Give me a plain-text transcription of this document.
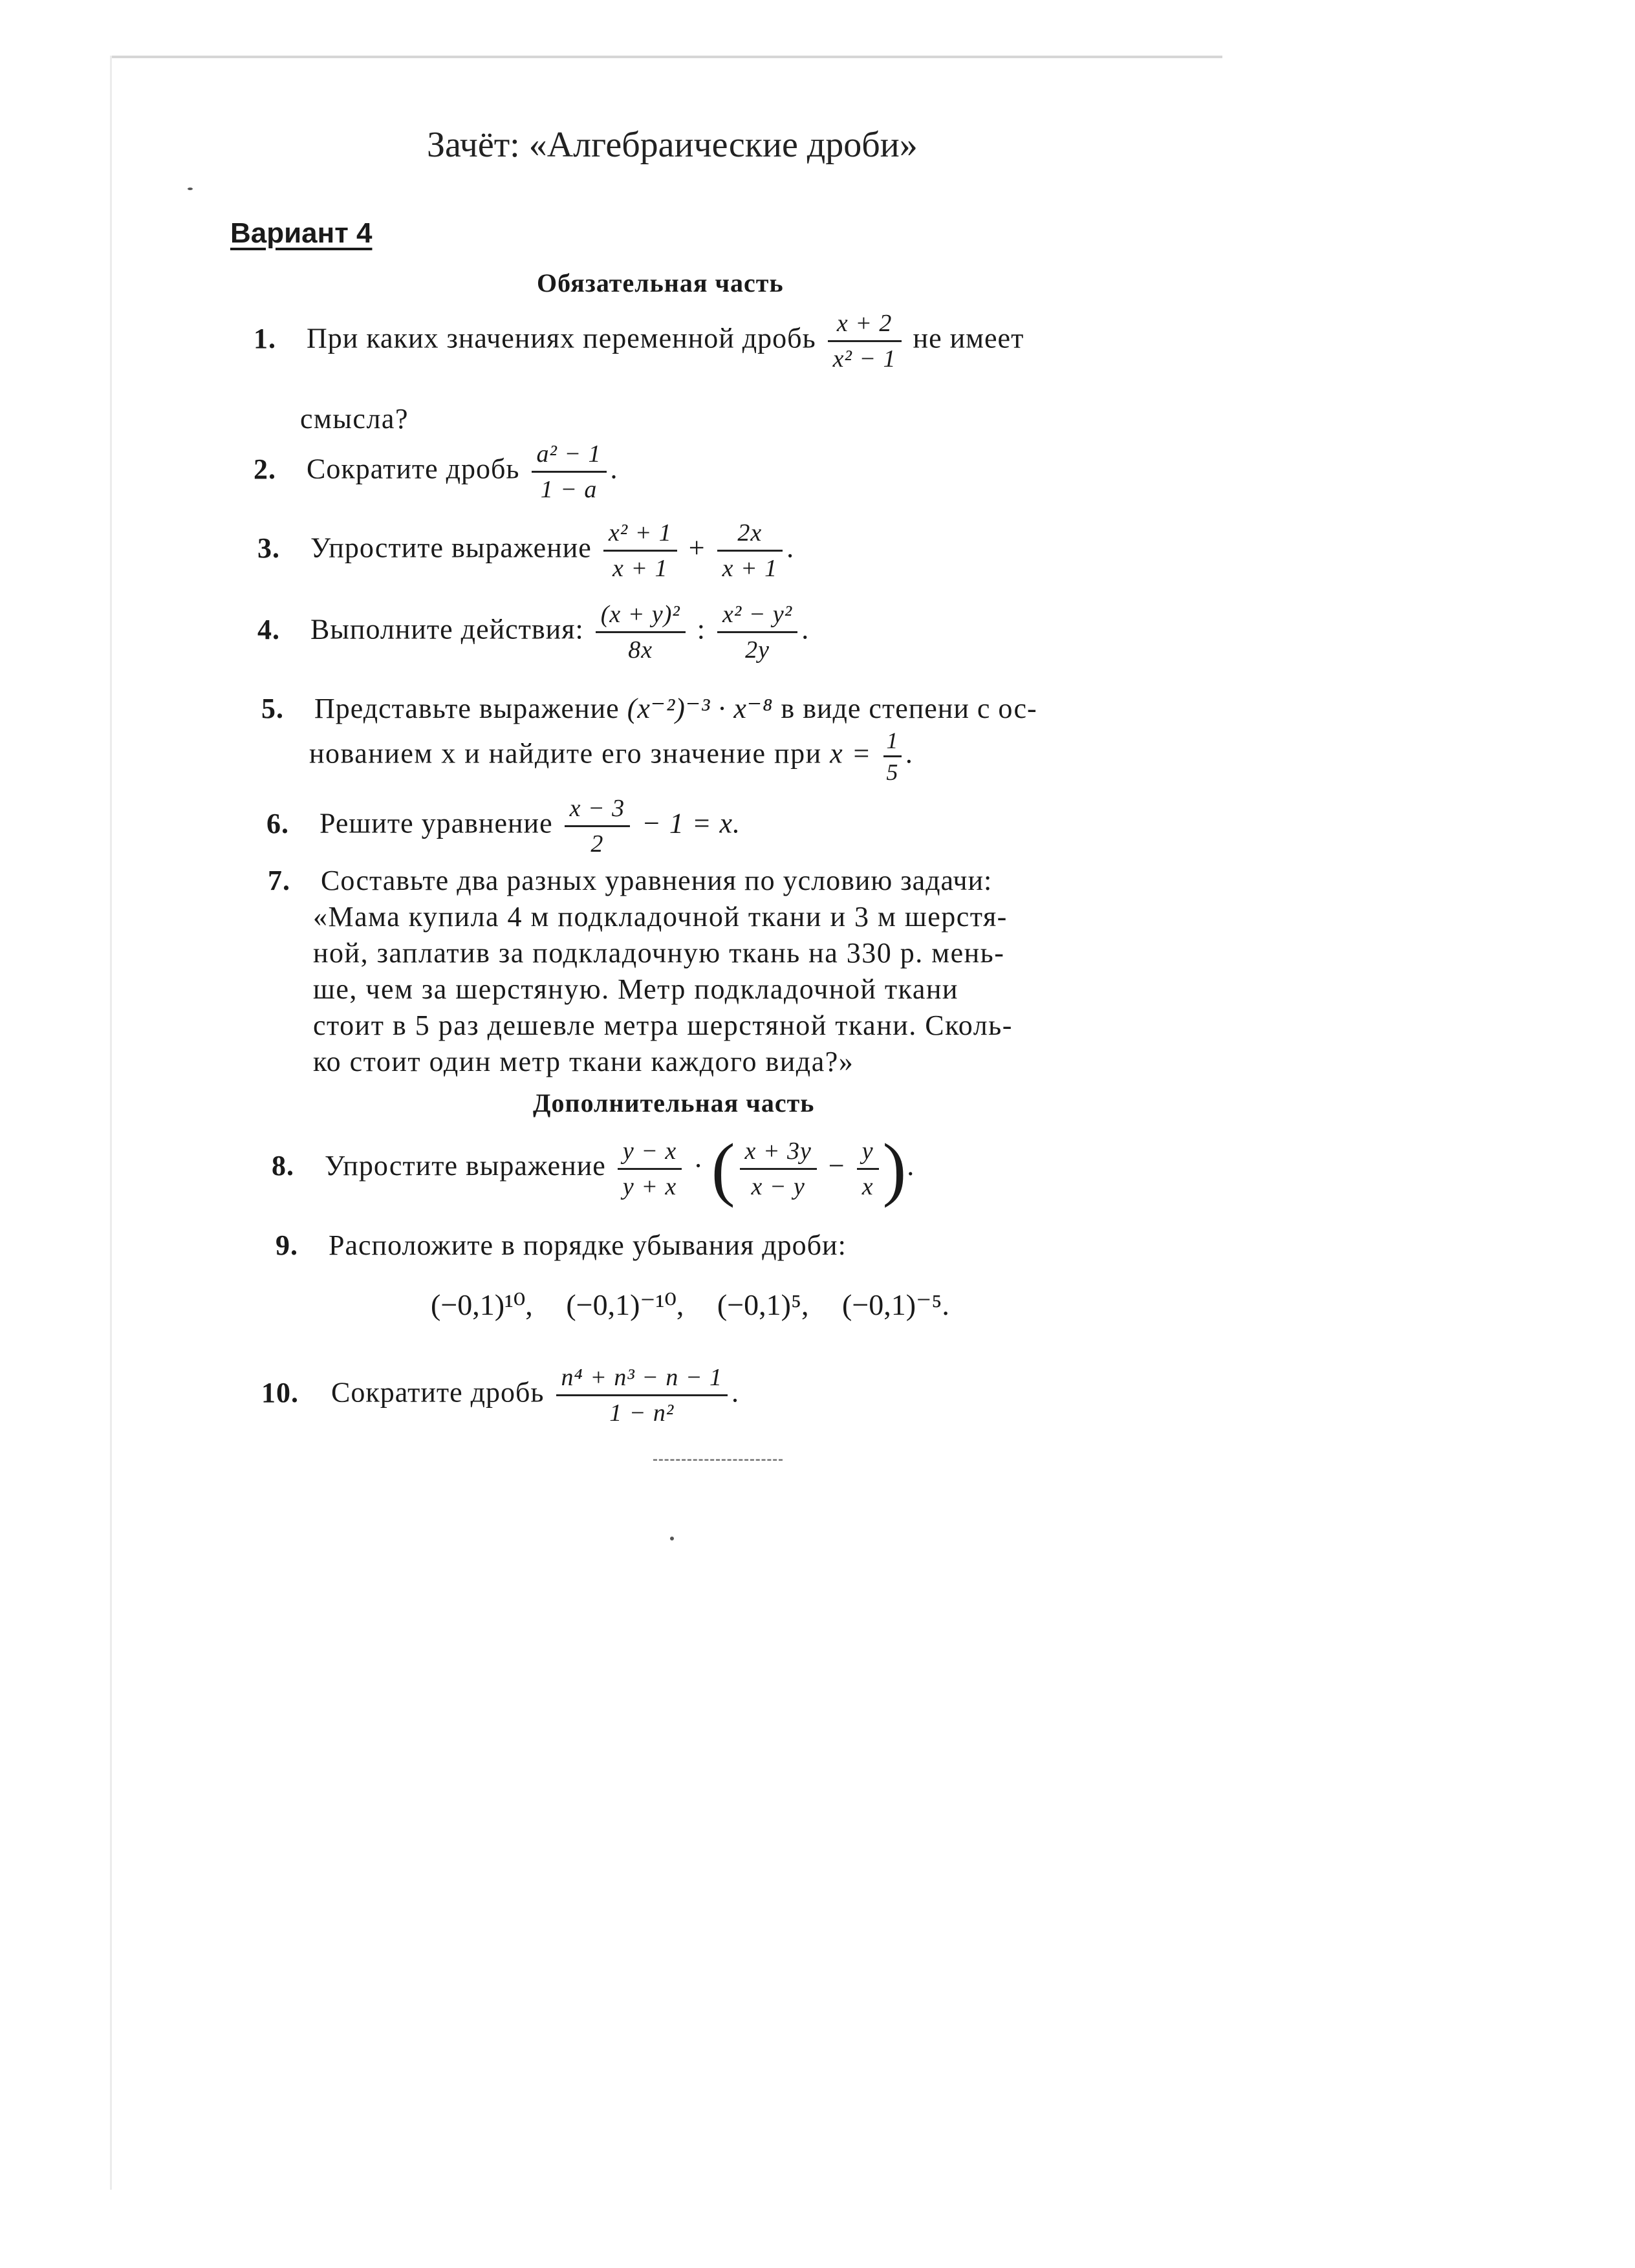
Зачёт: «Алгебраические дроби»
Вариант 4
Обязательная часть
1. При каких значениях переменной дробь $\frac{x + 2}{\text{x² − 1}}$ не имеет
смысла?
2. Сократите дробь $\frac{\text{a² − 1}}{1 - a}$ .
3. Упростите выражение $\frac{\text{x² + 1}}{x + 1} + \frac{2x}{x + 1}$ .
4. Выполните действия: $\frac{\text{(x + y)²}}{8x}$ : $\frac{\text{x² − y²}}{2y}$ .
5. Представьте выражение (x⁻²)⁻³ · x⁻⁸ в виде степени с ос-
нованием x и найдите его значение при $x = \frac{1}{5}$ .
6. Решите уравнение $\frac{x - 3}{2} - 1 = x$.
7. Составьте два разных уравнения по условию задачи:
«Мама купила 4 м подкладочной ткани и 3 м шерстя-
ной, заплатив за подкладочную ткань на 330 р. мень-
ше, чем за шерстяную. Метр подкладочной ткани
стоит в 5 раз дешевле метра шерстяной ткани. Сколь-
ко стоит один метр ткани каждого вида?»
Дополнительная часть
8. Упростите выражение $\frac{y - x}{y + x}$ · ( $\frac{x + 3y}{x - y} - \frac{y}{x}$ ).
9. Расположите в порядке убывания дроби:
(−0,1)¹⁰, (−0,1)⁻¹⁰, (−0,1)⁵, (−0,1)⁻⁵.
10. Сократите дробь $\frac{\text{n⁴ + n³ − n − 1}}{\text{1 − n²}}$ .
